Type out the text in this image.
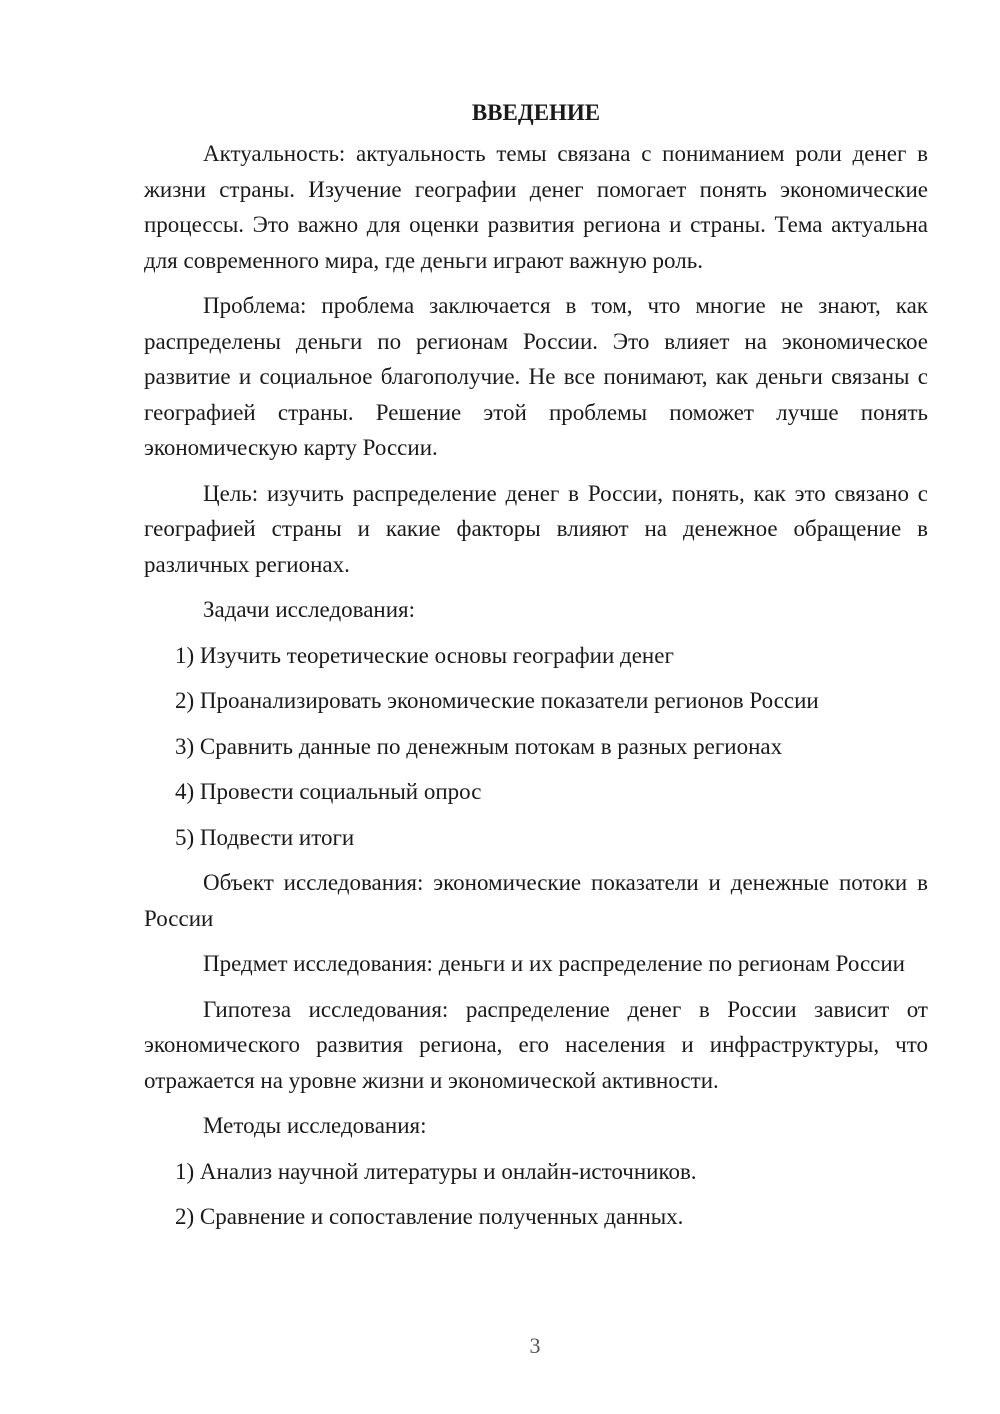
ВВЕДЕНИЕ

Актуальность: актуальность темы связана с пониманием роли денег в жизни страны. Изучение географии денег помогает понять экономические процессы. Это важно для оценки развития региона и страны. Тема актуальна для современного мира, где деньги играют важную роль.

Проблема: проблема заключается в том, что многие не знают, как распределены деньги по регионам России. Это влияет на экономическое развитие и социальное благополучие. Не все понимают, как деньги связаны с географией страны. Решение этой проблемы поможет лучше понять экономическую карту России.

Цель: изучить распределение денег в России, понять, как это связано с географией страны и какие факторы влияют на денежное обращение в различных регионах.

Задачи исследования:

1) Изучить теоретические основы географии денег

2) Проанализировать экономические показатели регионов России

3) Сравнить данные по денежным потокам в разных регионах

4) Провести социальный опрос

5) Подвести итоги

Объект исследования: экономические показатели и денежные потоки в России

Предмет исследования: деньги и их распределение по регионам России

Гипотеза исследования: распределение денег в России зависит от экономического развития региона, его населения и инфраструктуры, что отражается на уровне жизни и экономической активности.

Методы исследования:

1) Анализ научной литературы и онлайн-источников.

2) Сравнение и сопоставление полученных данных.

3
